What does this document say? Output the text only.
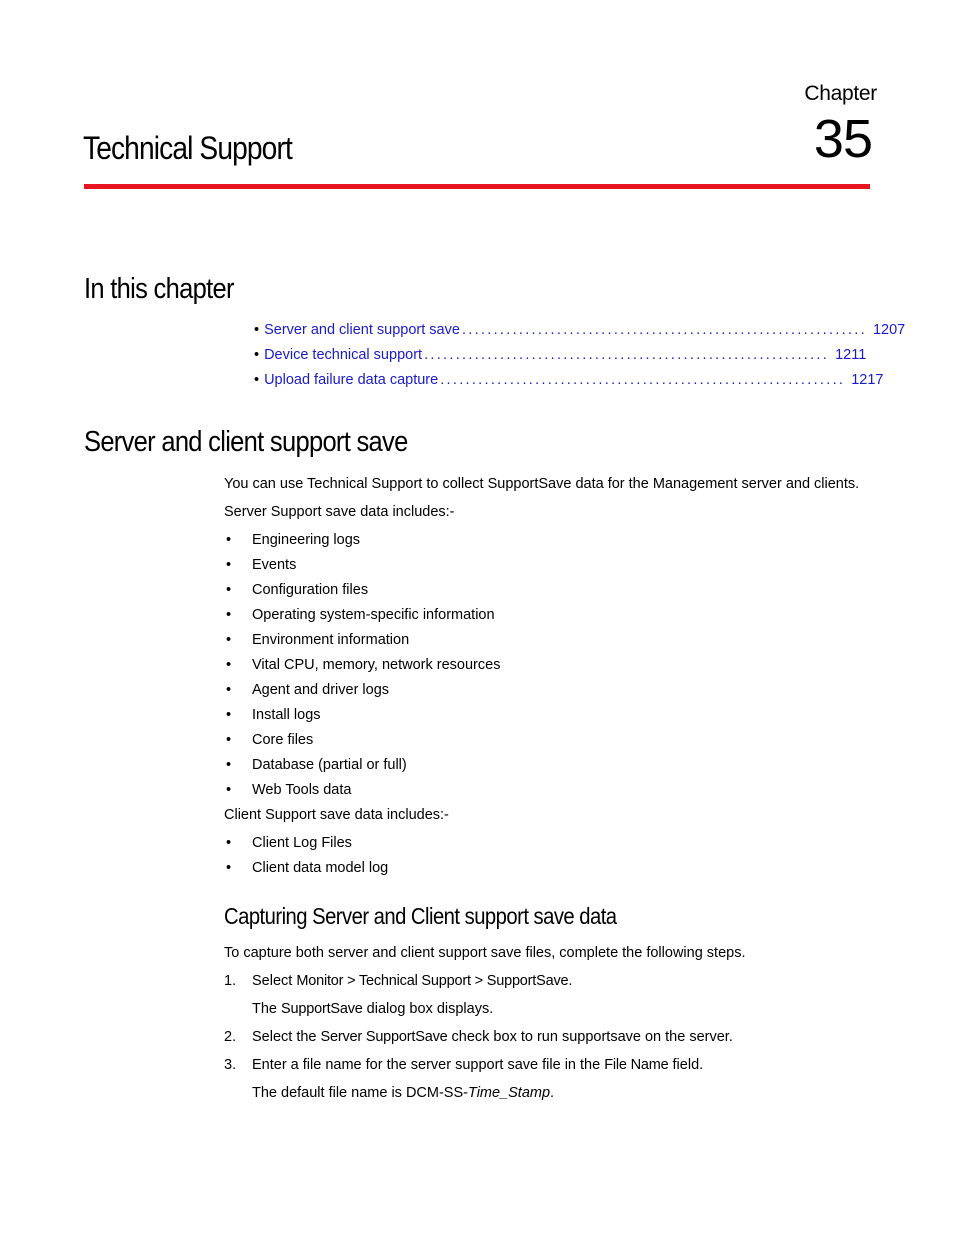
Chapter
35
Technical Support
In this chapter
• Server and client support save ................................................................ 1207
• Device technical support ................................................................ 1211
• Upload failure data capture ................................................................ 1217
Server and client support save
You can use Technical Support to collect SupportSave data for the Management server and clients.
Server Support save data includes:-
•	Engineering logs
•	Events
•	Configuration files
•	Operating system-specific information
•	Environment information
•	Vital CPU, memory, network resources
•	Agent and driver logs
•	Install logs
•	Core files
•	Database (partial or full)
•	Web Tools data
Client Support save data includes:-
•	Client Log Files
•	Client data model log
Capturing Server and Client support save data
To capture both server and client support save files, complete the following steps.
1.	Select Monitor > Technical Support > SupportSave.
The SupportSave dialog box displays.
2.	Select the Server SupportSave check box to run supportsave on the server.
3.	Enter a file name for the server support save file in the File Name field.
The default file name is DCM-SS-Time_Stamp.
